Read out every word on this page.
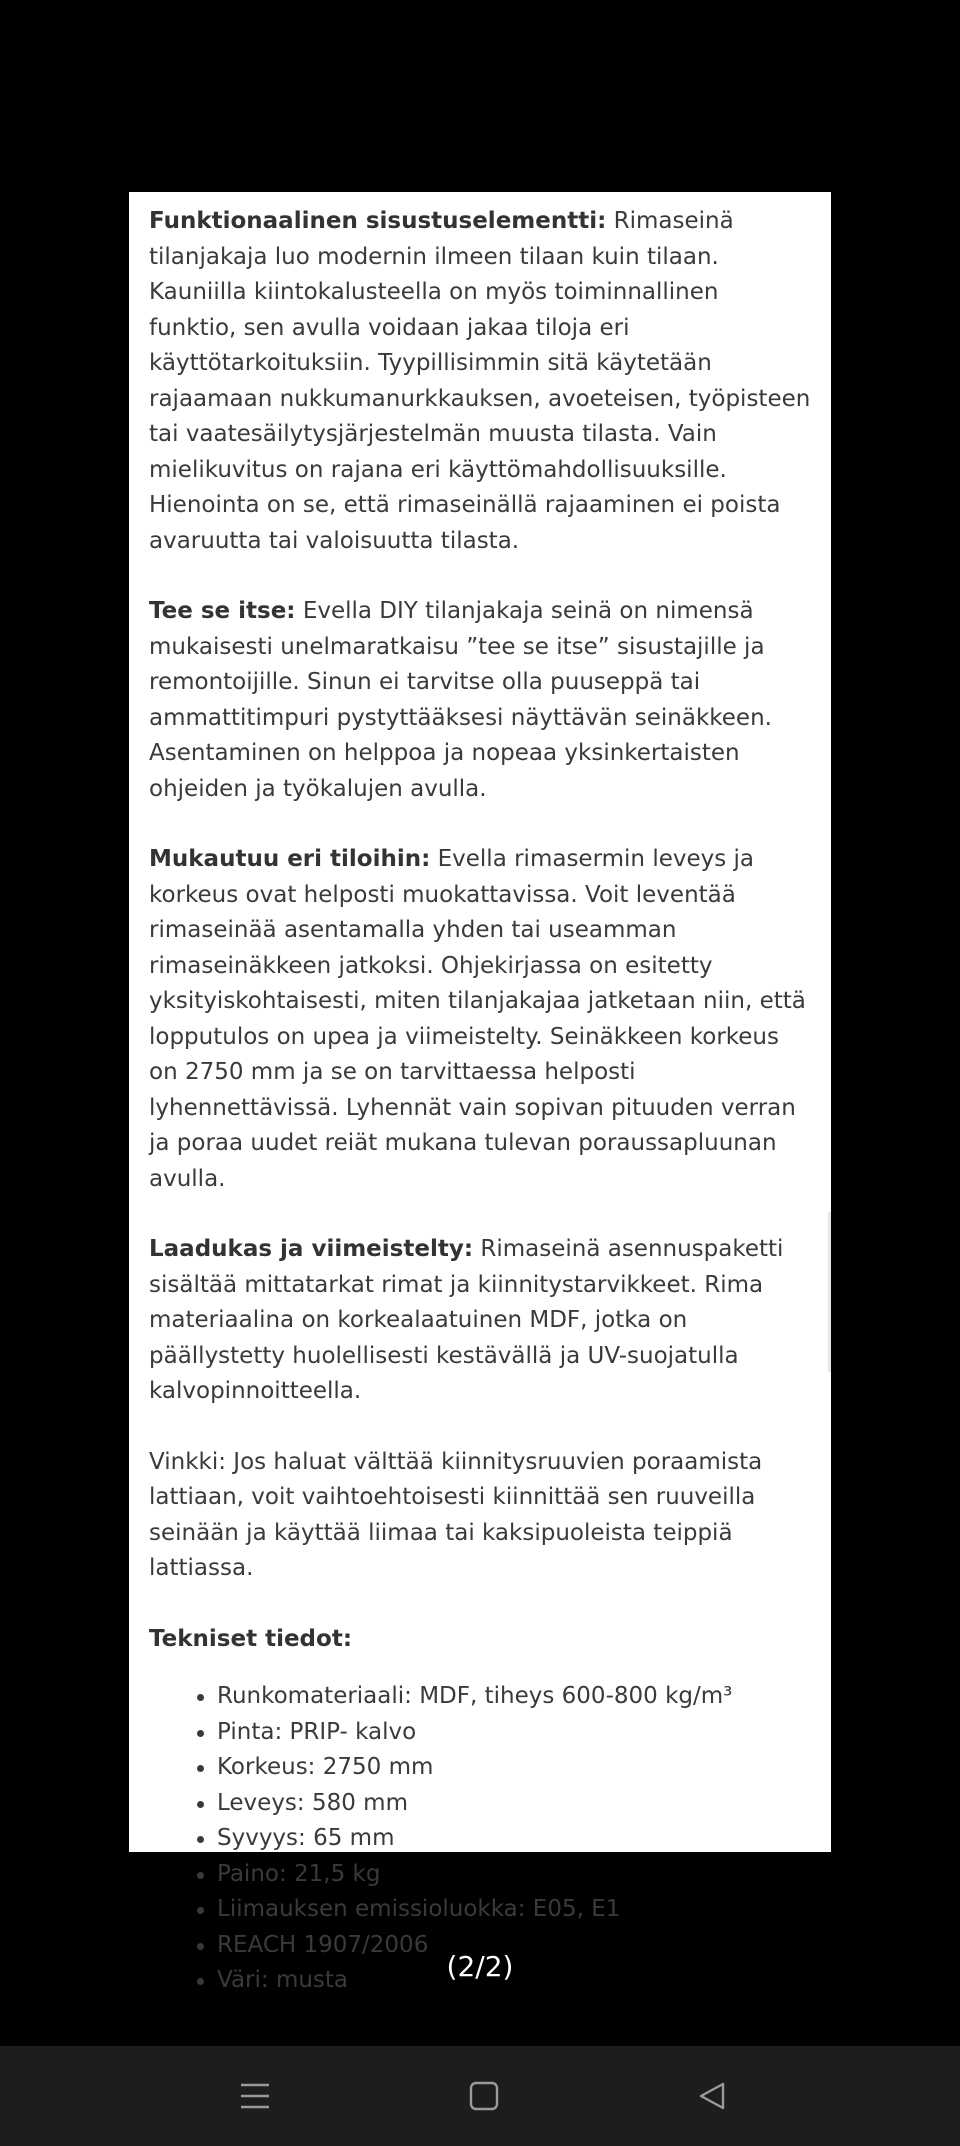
Funktionaalinen sisustuselementti: Rimaseinä tilanjakaja luo modernin ilmeen tilaan kuin tilaan. Kauniilla kiintokalusteella on myös toiminnallinen funktio, sen avulla voidaan jakaa tiloja eri käyttötarkoituksiin. Tyypillisimmin sitä käytetään rajaamaan nukkumanurkkauksen, avoeteisen, työpisteen tai vaatesäilytysjärjestelmän muusta tilasta. Vain mielikuvitus on rajana eri käyttömahdollisuuksille. Hienointa on se, että rimaseinällä rajaaminen ei poista avaruutta tai valoisuutta tilasta.

Tee se itse: Evella DIY tilanjakaja seinä on nimensä mukaisesti unelmaratkaisu ”tee se itse” sisustajille ja remontoijille. Sinun ei tarvitse olla puuseppä tai ammattitimpuri pystyttääksesi näyttävän seinäkkeen. Asentaminen on helppoa ja nopeaa yksinkertaisten ohjeiden ja työkalujen avulla.

Mukautuu eri tiloihin: Evella rimasermin leveys ja korkeus ovat helposti muokattavissa. Voit leventää rimaseinää asentamalla yhden tai useamman rimaseinäkkeen jatkoksi. Ohjekirjassa on esitetty yksityiskohtaisesti, miten tilanjakajaa jatketaan niin, että lopputulos on upea ja viimeistelty. Seinäkkeen korkeus on 2750 mm ja se on tarvittaessa helposti lyhennettävissä. Lyhennät vain sopivan pituuden verran ja poraa uudet reiät mukana tulevan poraussapluunan avulla.

Laadukas ja viimeistelty: Rimaseinä asennuspaketti sisältää mittatarkat rimat ja kiinnitystarvikkeet. Rima materiaalina on korkealaatuinen MDF, jotka on päällystetty huolellisesti kestävällä ja UV-suojatulla kalvopinnoitteella.

Vinkki: Jos haluat välttää kiinnitysruuvien poraamista lattiaan, voit vaihtoehtoisesti kiinnittää sen ruuveilla seinään ja käyttää liimaa tai kaksipuoleista teippiä lattiassa.

Tekniset tiedot:

Runkomateriaali: MDF, tiheys 600-800 kg/m³
Pinta: PRIP- kalvo
Korkeus: 2750 mm
Leveys: 580 mm
Syvyys: 65 mm
Paino: 21,5 kg
Liimauksen emissioluokka: E05, E1
REACH 1907/2006
Väri: musta	(2/2)
